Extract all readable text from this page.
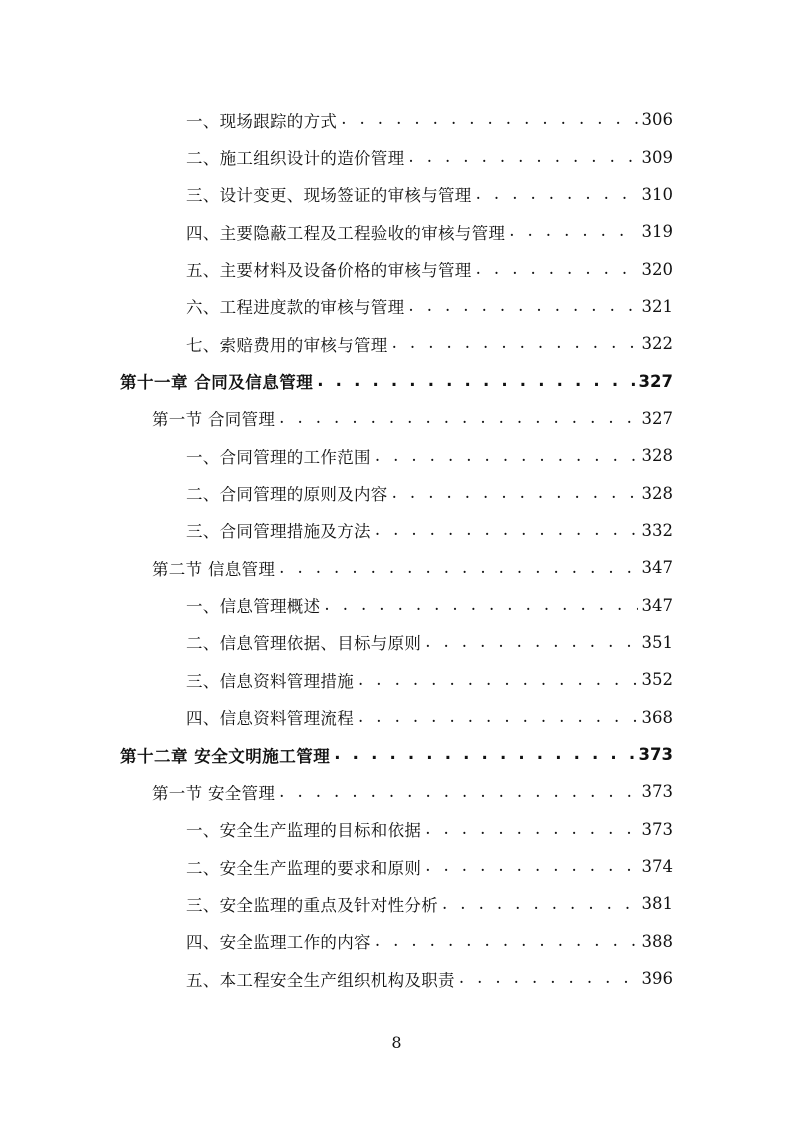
一、现场跟踪的方式 . . .	306
二、施工组织设计的造价管理 . . .	309
三、设计变更、现场签证的审核与管理 . . .	310
四、主要隐蔽工程及工程验收的审核与管理 . . .	319
五、主要材料及设备价格的审核与管理 . . .	320
六、工程进度款的审核与管理 . . .	321
七、索赔费用的审核与管理 . . .	322
第十一章 合同及信息管理 . . .	327
第一节 合同管理 . . .	327
一、合同管理的工作范围 . . .	328
二、合同管理的原则及内容 . . .	328
三、合同管理措施及方法 . . .	332
第二节 信息管理 . . .	347
一、信息管理概述 . . .	347
二、信息管理依据、目标与原则 . . .	351
三、信息资料管理措施 . . .	352
四、信息资料管理流程 . . .	368
第十二章 安全文明施工管理 . . .	373
第一节 安全管理 . . .	373
一、安全生产监理的目标和依据 . . .	373
二、安全生产监理的要求和原则 . . .	374
三、安全监理的重点及针对性分析 . . .	381
四、安全监理工作的内容 . . .	388
五、本工程安全生产组织机构及职责 . . .	396
8
